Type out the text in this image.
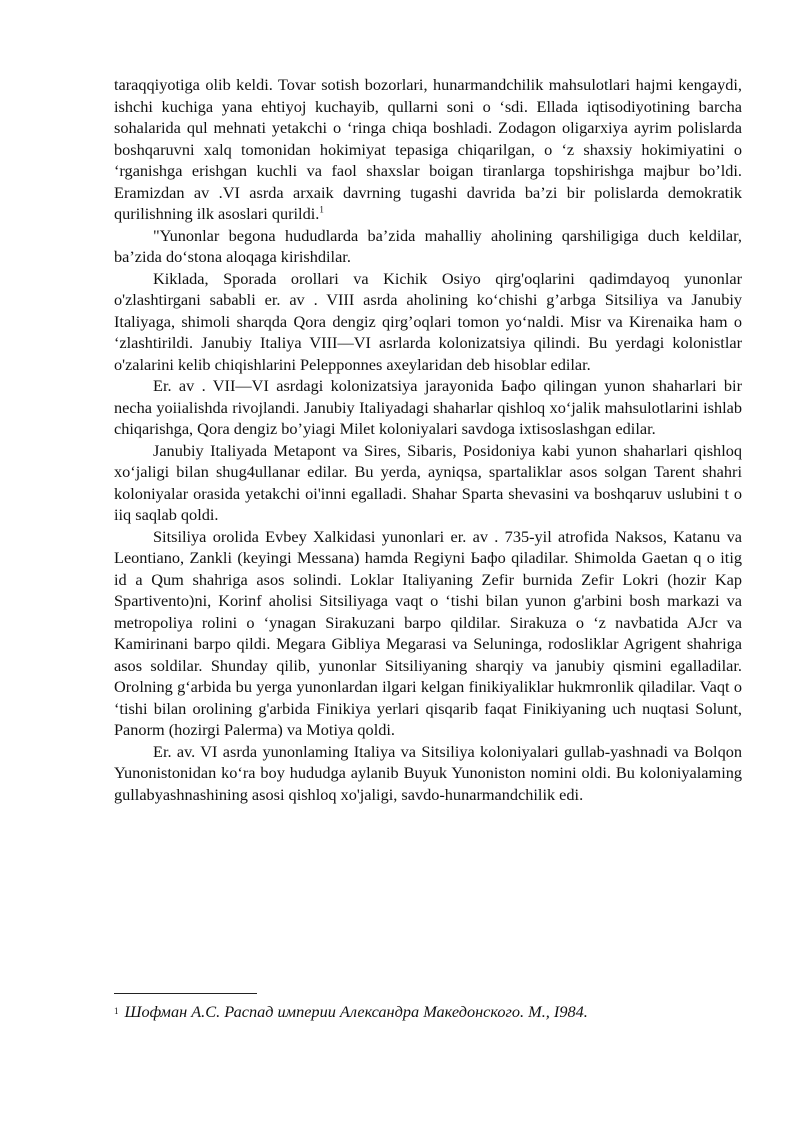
taraqqiyotiga olib keldi. Tovar sotish bozorlari, hunarmandchilik mahsulotlari hajmi kengaydi, ishchi kuchiga yana ehtiyoj kuchayib, qullarni soni o ‘sdi. Ellada iqtisodiyotining barcha sohalarida qul mehnati yetakchi o ‘ringa chiqa boshladi. Zodagon oligarxiya ayrim polislarda boshqaruvni xalq tomonidan hokimiyat tepasiga chiqarilgan, o ‘z shaxsiy hokimiyatini o ‘rganishga erishgan kuchli va faol shaxslar boigan tiranlarga topshirishga majbur bo’ldi. Eramizdan av .VI asrda arxaik davrning tugashi davrida ba’zi bir polislarda demokratik qurilishning ilk asoslari qurildi.$^1$

"Yunonlar begona hududlarda ba’zida mahalliy aholining qarshiligiga duch keldilar, ba’zida do‘stona aloqaga kirishdilar.

Kiklada, Sporada orollari va Kichik Osiyo qirg'oqlarini qadimdayoq yunonlar o'zlashtirgani sababli er. av . VIII asrda aholining ko‘chishi g’arbga Sitsiliya va Janubiy Italiyaga, shimoli sharqda Qora dengiz qirg’oqlari tomon yo‘naldi. Misr va Kirenaika ham o ‘zlashtirildi. Janubiy Italiya VIII—VI asrlarda kolonizatsiya qilindi. Bu yerdagi kolonistlar o'zalarini kelib chiqishlarini Pelepponnes axeylaridan deb hisoblar edilar.

Er. av . VII—VI asrdagi kolonizatsiya jarayonida Ьафо qilingan yunon shaharlari bir necha yoiialishda rivojlandi. Janubiy Italiyadagi shaharlar qishloq xo‘jalik mahsulotlarini ishlab chiqarishga, Qora dengiz bo’yiagi Milet koloniyalari savdoga ixtisoslashgan edilar.

Janubiy Italiyada Metapont va Sires, Sibaris, Posidoniya kabi yunon shaharlari qishloq xo‘jaligi bilan shug4ullanar edilar. Bu yerda, ayniqsa, spartaliklar asos solgan Tarent shahri koloniyalar orasida yetakchi oi'inni egalladi. Shahar Sparta shevasini va boshqaruv uslubini t o iiq saqlab qoldi.

Sitsiliya orolida Evbey Xalkidasi yunonlari er. av . 735-yil atrofida Naksos, Katanu va Leontiano, Zankli (keyingi Messana) hamda Regiyni Ьафо qiladilar. Shimolda Gaetan q o itig id a Qum shahriga asos solindi. Loklar Italiyaning Zefir burnida Zefir Lokri (hozir Kap Spartivento)ni, Korinf aholisi Sitsiliyaga vaqt o ‘tishi bilan yunon g'arbini bosh markazi va metropoliya rolini o ‘ynagan Sirakuzani barpo qildilar. Sirakuza o ‘z navbatida AJcr va Kamirinani barpo qildi. Megara Gibliya Megarasi va Seluninga, rodosliklar Agrigent shahriga asos soldilar. Shunday qilib, yunonlar Sitsiliyaning sharqiy va janubiy qismini egalladilar. Orolning g‘arbida bu yerga yunonlardan ilgari kelgan finikiyaliklar hukmronlik qiladilar. Vaqt o ‘tishi bilan orolining g'arbida Finikiya yerlari qisqarib faqat Finikiyaning uch nuqtasi Solunt, Panorm (hozirgi Palerma) va Motiya qoldi.

Er. av. VI asrda yunonlaming Italiya va Sitsiliya koloniyalari gullab-yashnadi va Bolqon Yunonistonidan ko‘ra boy hududga aylanib Buyuk Yunoniston nomini oldi. Bu koloniyalaming gullabyashnashining asosi qishloq xo'jaligi, savdo-hunarmandchilik edi.

$^1$ Шофман А.С. Распад империи Александра Македонского. М., I984.
